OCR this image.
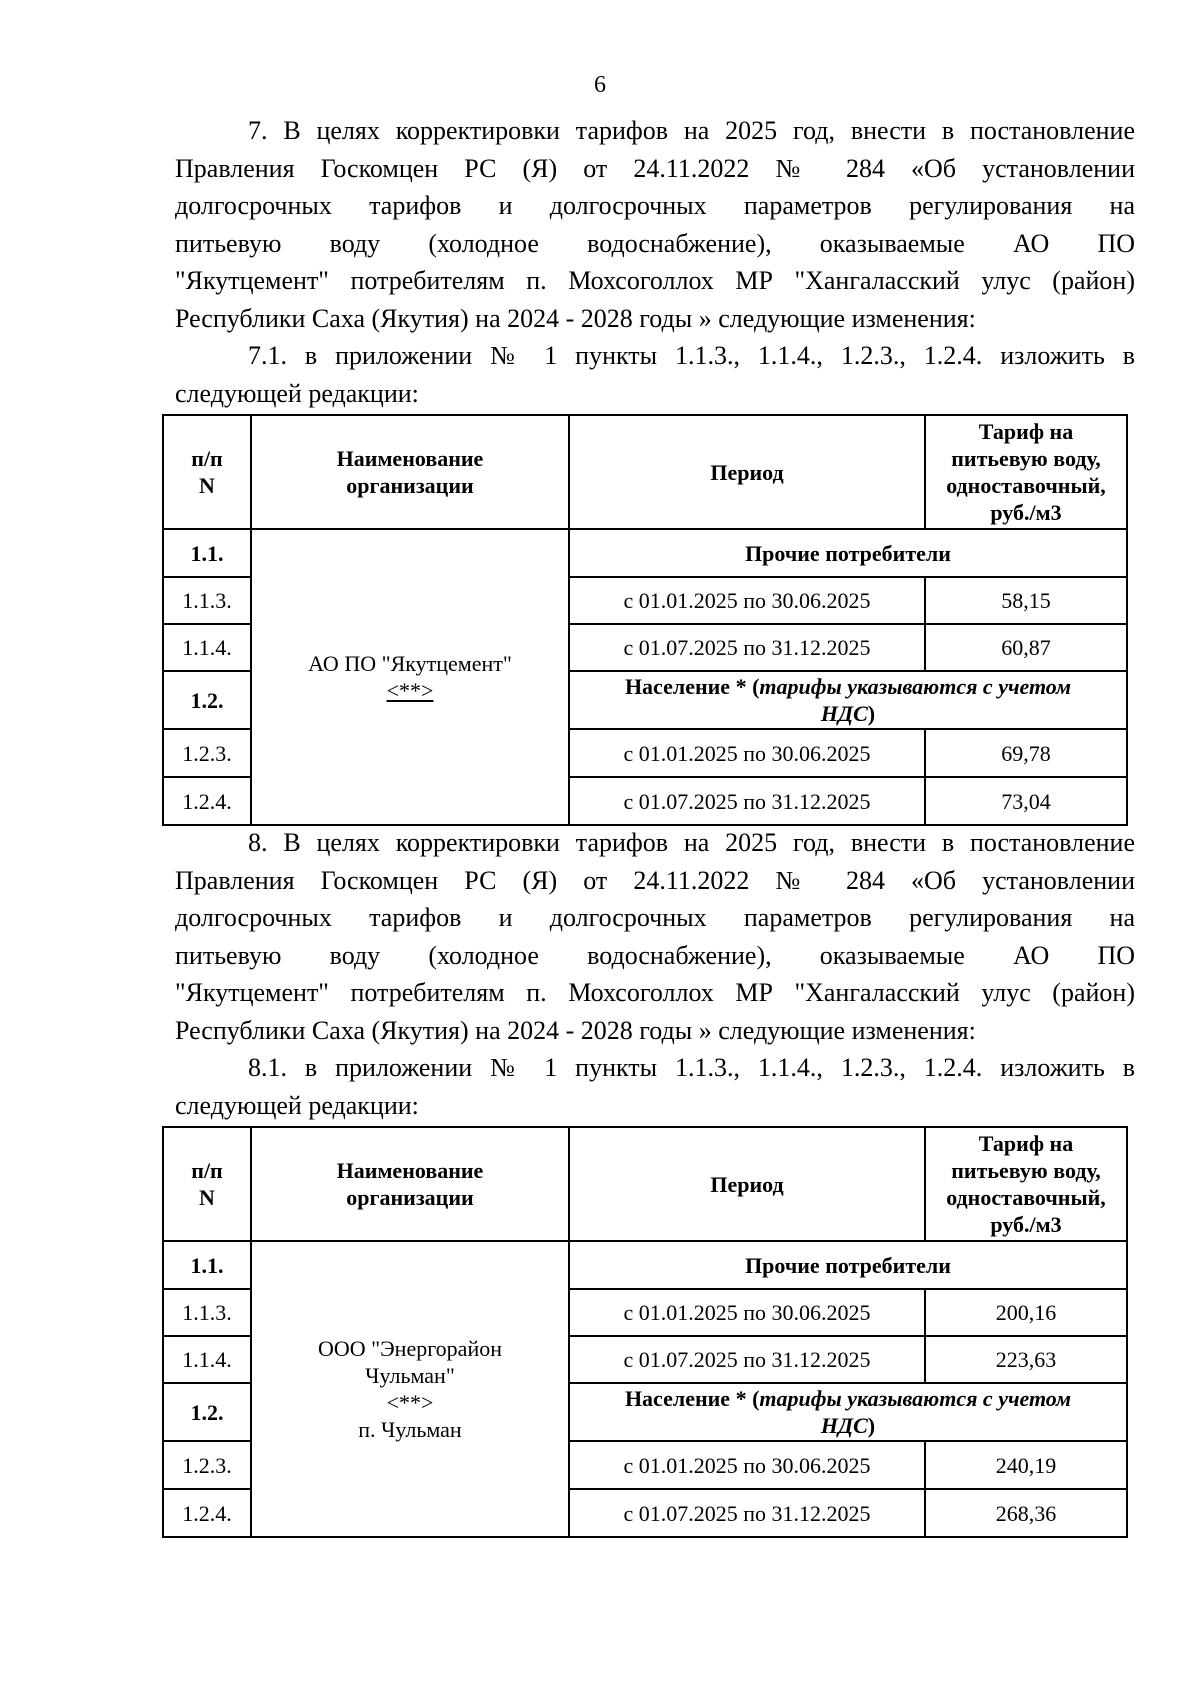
6

7. В целях корректировки тарифов на 2025 год, внести в постановление

Правления Госкомцен РС (Я) от 24.11.2022 № 284 «Об установлении

долгосрочных тарифов и долгосрочных параметров регулирования на

питьевую воду (холодное водоснабжение), оказываемые АО ПО

"Якутцемент" потребителям п. Мохсоголлох МР "Хангаласский улус (район)

Республики Саха (Якутия) на 2024 - 2028 годы » следующие изменения:

7.1. в приложении № 1 пункты 1.1.3., 1.1.4., 1.2.3., 1.2.4. изложить в

следующей редакции:

п/п
N	Наименование
организации	Период	Тариф на
питьевую воду,
одноставочный,
руб./м3
1.1.	АО ПО "Якутцемент"
<**>	Прочие потребители	
1.1.3.		с 01.01.2025 по 30.06.2025	58,15
1.1.4.		с 01.07.2025 по 31.12.2025	60,87
1.2.		Население * (тарифы указываются с учетом
НДС)	
1.2.3.		с 01.01.2025 по 30.06.2025	69,78
1.2.4.		с 01.07.2025 по 31.12.2025	73,04

8. В целях корректировки тарифов на 2025 год, внести в постановление

Правления Госкомцен РС (Я) от 24.11.2022 № 284 «Об установлении

долгосрочных тарифов и долгосрочных параметров регулирования на

питьевую воду (холодное водоснабжение), оказываемые АО ПО

"Якутцемент" потребителям п. Мохсоголлох МР "Хангаласский улус (район)

Республики Саха (Якутия) на 2024 - 2028 годы » следующие изменения:

8.1. в приложении № 1 пункты 1.1.3., 1.1.4., 1.2.3., 1.2.4. изложить в

следующей редакции:

п/п
N	Наименование
организации	Период	Тариф на
питьевую воду,
одноставочный,
руб./м3
1.1.	ООО "Энергорайон
Чульман"
<**>
п. Чульман	Прочие потребители	
1.1.3.		с 01.01.2025 по 30.06.2025	200,16
1.1.4.		с 01.07.2025 по 31.12.2025	223,63
1.2.		Население * (тарифы указываются с учетом
НДС)	
1.2.3.		с 01.01.2025 по 30.06.2025	240,19
1.2.4.		с 01.07.2025 по 31.12.2025	268,36
